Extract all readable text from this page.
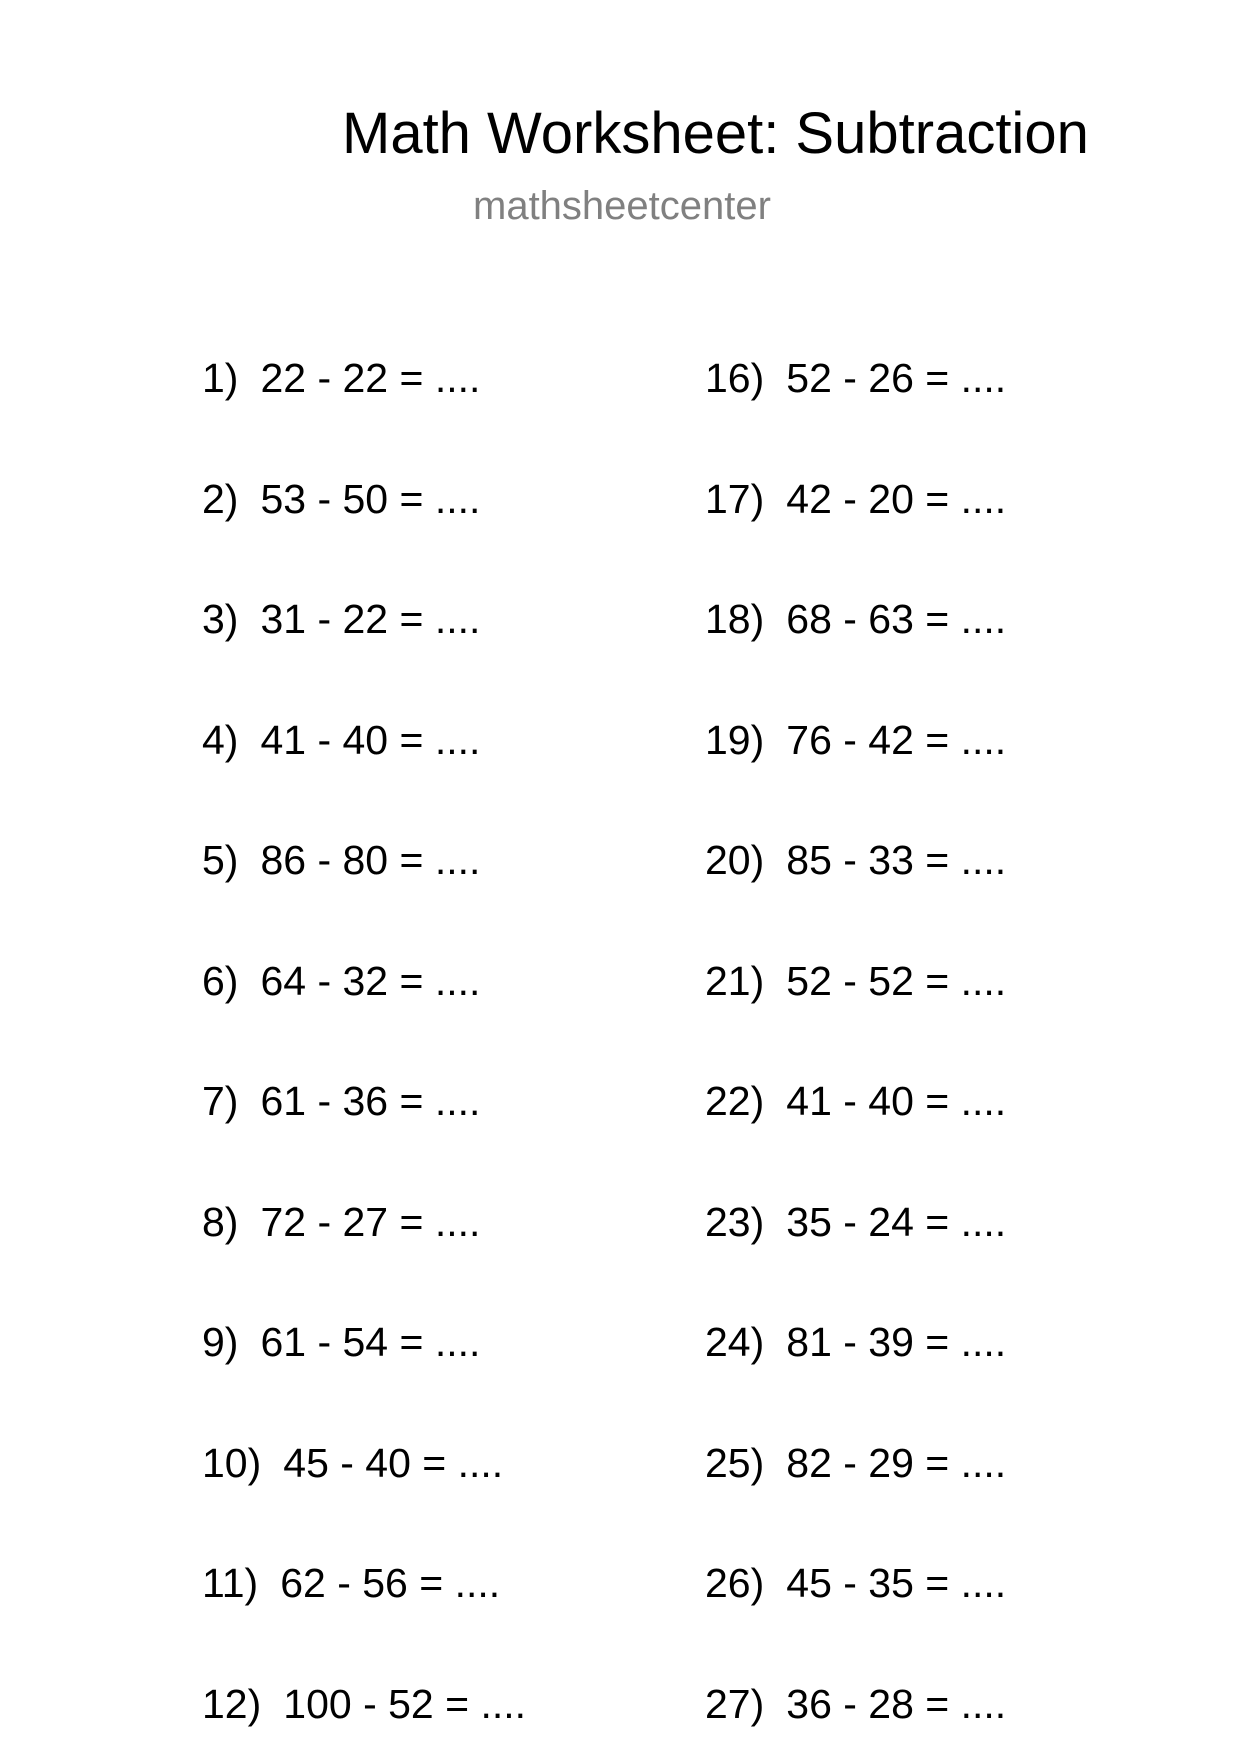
Math Worksheet: Subtraction
mathsheetcenter
1) 22 - 22 = ....
2) 53 - 50 = ....
3) 31 - 22 = ....
4) 41 - 40 = ....
5) 86 - 80 = ....
6) 64 - 32 = ....
7) 61 - 36 = ....
8) 72 - 27 = ....
9) 61 - 54 = ....
10) 45 - 40 = ....
11) 62 - 56 = ....
12) 100 - 52 = ....
16) 52 - 26 = ....
17) 42 - 20 = ....
18) 68 - 63 = ....
19) 76 - 42 = ....
20) 85 - 33 = ....
21) 52 - 52 = ....
22) 41 - 40 = ....
23) 35 - 24 = ....
24) 81 - 39 = ....
25) 82 - 29 = ....
26) 45 - 35 = ....
27) 36 - 28 = ....
